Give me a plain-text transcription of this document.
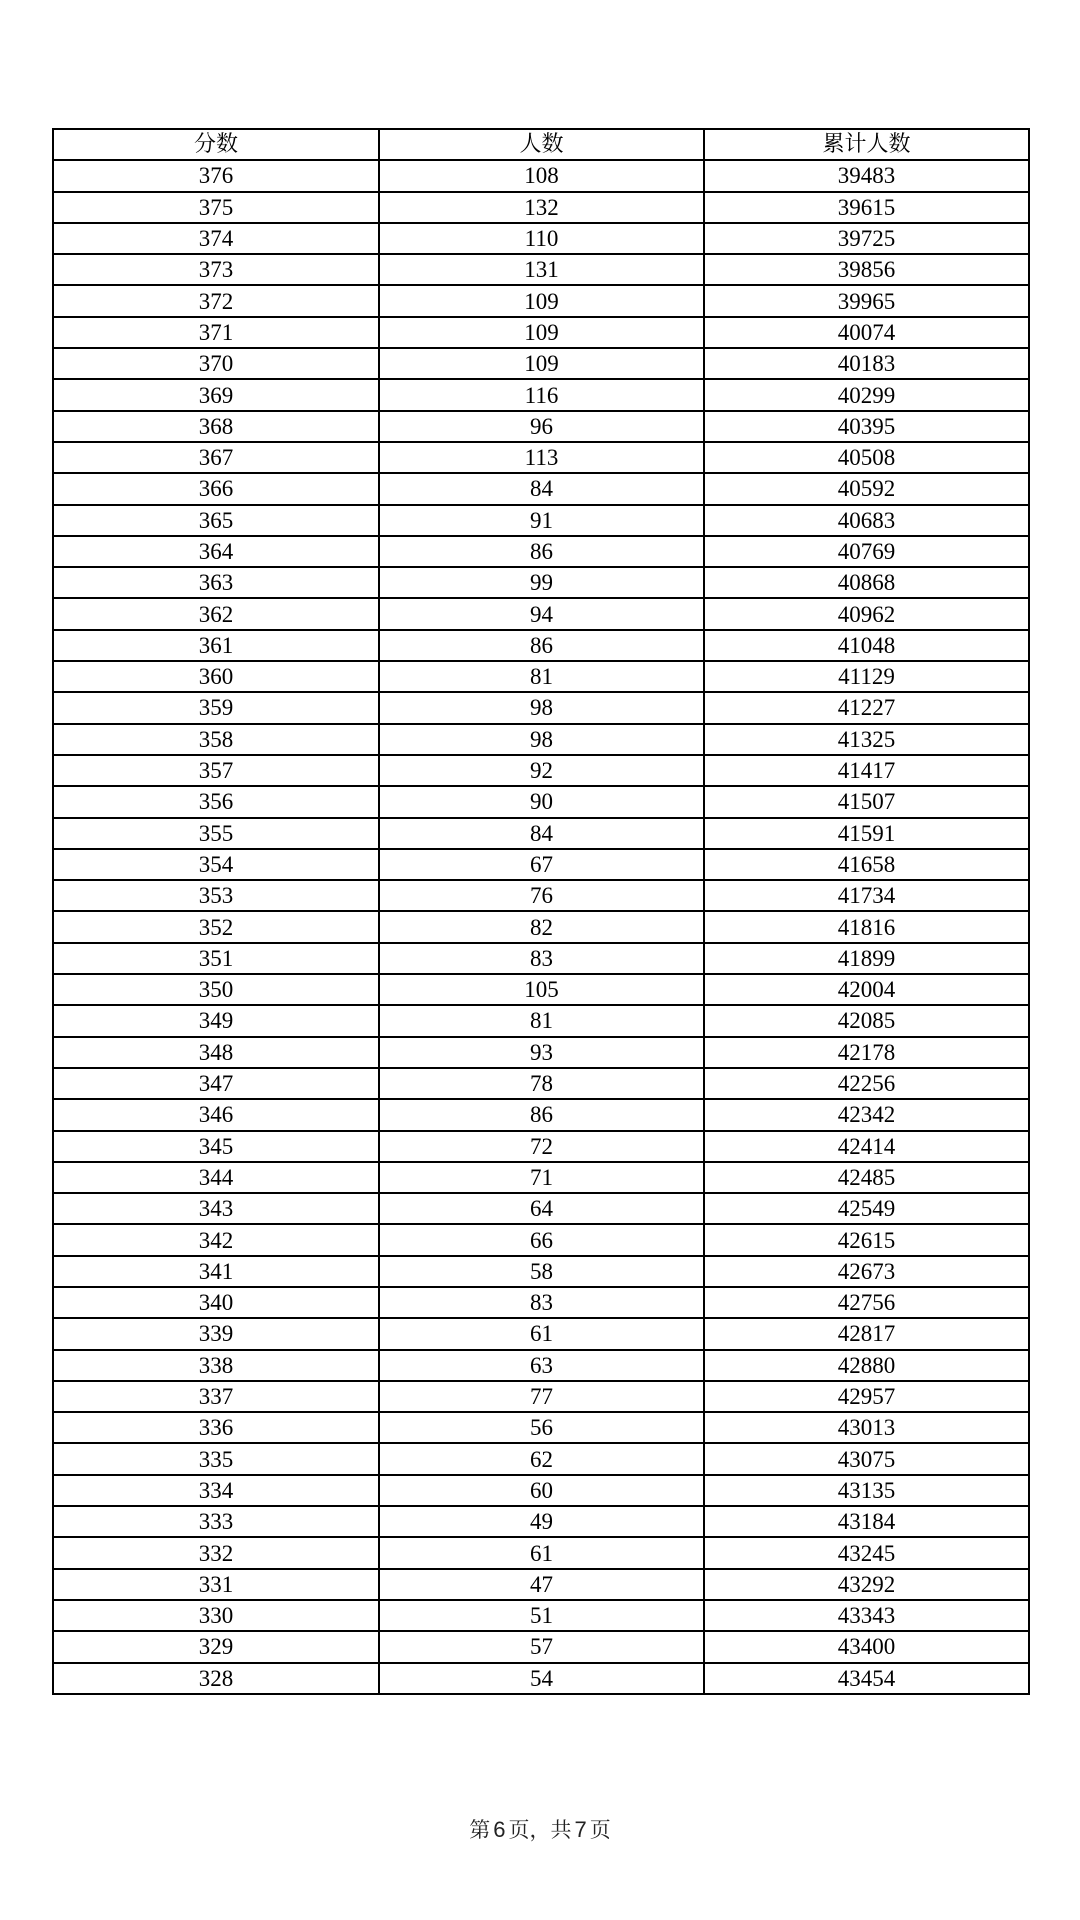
分数	人数	累计人数
376	108	39483
375	132	39615
374	110	39725
373	131	39856
372	109	39965
371	109	40074
370	109	40183
369	116	40299
368	96	40395
367	113	40508
366	84	40592
365	91	40683
364	86	40769
363	99	40868
362	94	40962
361	86	41048
360	81	41129
359	98	41227
358	98	41325
357	92	41417
356	90	41507
355	84	41591
354	67	41658
353	76	41734
352	82	41816
351	83	41899
350	105	42004
349	81	42085
348	93	42178
347	78	42256
346	86	42342
345	72	42414
344	71	42485
343	64	42549
342	66	42615
341	58	42673
340	83	42756
339	61	42817
338	63	42880
337	77	42957
336	56	43013
335	62	43075
334	60	43135
333	49	43184
332	61	43245
331	47	43292
330	51	43343
329	57	43400
328	54	43454
第 6 页，共 7 页
